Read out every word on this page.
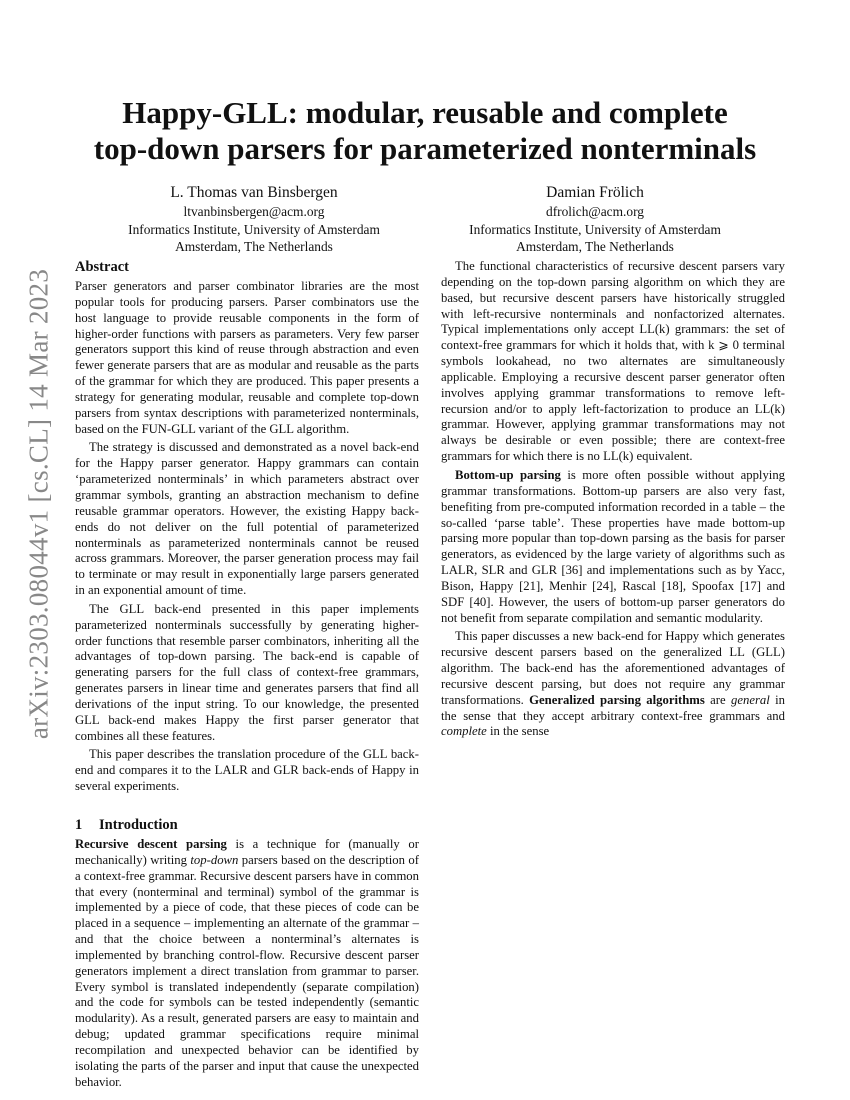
arXiv:2303.08044v1 [cs.CL] 14 Mar 2023
Happy-GLL: modular, reusable and complete
top-down parsers for parameterized nonterminals
L. Thomas van Binsbergen
ltvanbinsbergen@acm.org
Informatics Institute, University of Amsterdam
Amsterdam, The Netherlands
Damian Frölich
dfrolich@acm.org
Informatics Institute, University of Amsterdam
Amsterdam, The Netherlands
Abstract

Parser generators and parser combinator libraries are the most popular tools for producing parsers. Parser combinators use the host language to provide reusable components in the form of higher-order functions with parsers as parameters. Very few parser generators support this kind of reuse through abstraction and even fewer generate parsers that are as modular and reusable as the parts of the grammar for which they are produced. This paper presents a strategy for generating modular, reusable and complete top-down parsers from syntax descriptions with parameterized nonterminals, based on the FUN-GLL variant of the GLL algorithm.

The strategy is discussed and demonstrated as a novel back-end for the Happy parser generator. Happy grammars can contain ‘parameterized nonterminals’ in which parameters abstract over grammar symbols, granting an abstraction mechanism to define reusable grammar operators. However, the existing Happy back-ends do not deliver on the full potential of parameterized nonterminals as parameterized nonterminals cannot be reused across grammars. Moreover, the parser generation process may fail to terminate or may result in exponentially large parsers generated in an exponential amount of time.

The GLL back-end presented in this paper implements parameterized nonterminals successfully by generating higher-order functions that resemble parser combinators, inheriting all the advantages of top-down parsing. The back-end is capable of generating parsers for the full class of context-free grammars, generates parsers in linear time and generates parsers that find all derivations of the input string. To our knowledge, the presented GLL back-end makes Happy the first parser generator that combines all these features.

This paper describes the translation procedure of the GLL back-end and compares it to the LALR and GLR back-ends of Happy in several experiments.

1 Introduction

Recursive descent parsing is a technique for (manually or mechanically) writing top-down parsers based on the description of a context-free grammar. Recursive descent parsers have in common that every (nonterminal and terminal) symbol of the grammar is implemented by a piece of code, that these pieces of code can be placed in a sequence – implementing an alternate of the grammar – and that the choice between a nonterminal’s alternates is implemented by branching control-flow. Recursive descent parser generators implement a direct translation from grammar to parser. Every symbol is translated independently (separate compilation) and the code for symbols can be tested independently (semantic modularity). As a result, generated parsers are easy to maintain and debug; updated grammar specifications require minimal recompilation and unexpected behavior can be identified by isolating the parts of the parser and input that cause the unexpected behavior.

The functional characteristics of recursive descent parsers vary depending on the top-down parsing algorithm on which they are based, but recursive descent parsers have historically struggled with left-recursive nonterminals and nonfactorized alternates. Typical implementations only accept LL(k) grammars: the set of context-free grammars for which it holds that, with k ⩾ 0 terminal symbols lookahead, no two alternates are simultaneously applicable. Employing a recursive descent parser generator often involves applying grammar transformations to remove left-recursion and/or to apply left-factorization to produce an LL(k) grammar. However, applying grammar transformations may not always be desirable or even possible; there are context-free grammars for which there is no LL(k) equivalent.

Bottom-up parsing is more often possible without applying grammar transformations. Bottom-up parsers are also very fast, benefiting from pre-computed information recorded in a table – the so-called ‘parse table’. These properties have made bottom-up parsing more popular than top-down parsing as the basis for parser generators, as evidenced by the large variety of algorithms such as LALR, SLR and GLR [36] and implementations such as by Yacc, Bison, Happy [21], Menhir [24], Rascal [18], Spoofax [17] and SDF [40]. However, the users of bottom-up parser generators do not benefit from separate compilation and semantic modularity.

This paper discusses a new back-end for Happy which generates recursive descent parsers based on the generalized LL (GLL) algorithm. The back-end has the aforementioned advantages of recursive descent parsing, but does not require any grammar transformations. Generalized parsing algorithms are general in the sense that they accept arbitrary context-free grammars and complete in the sense
